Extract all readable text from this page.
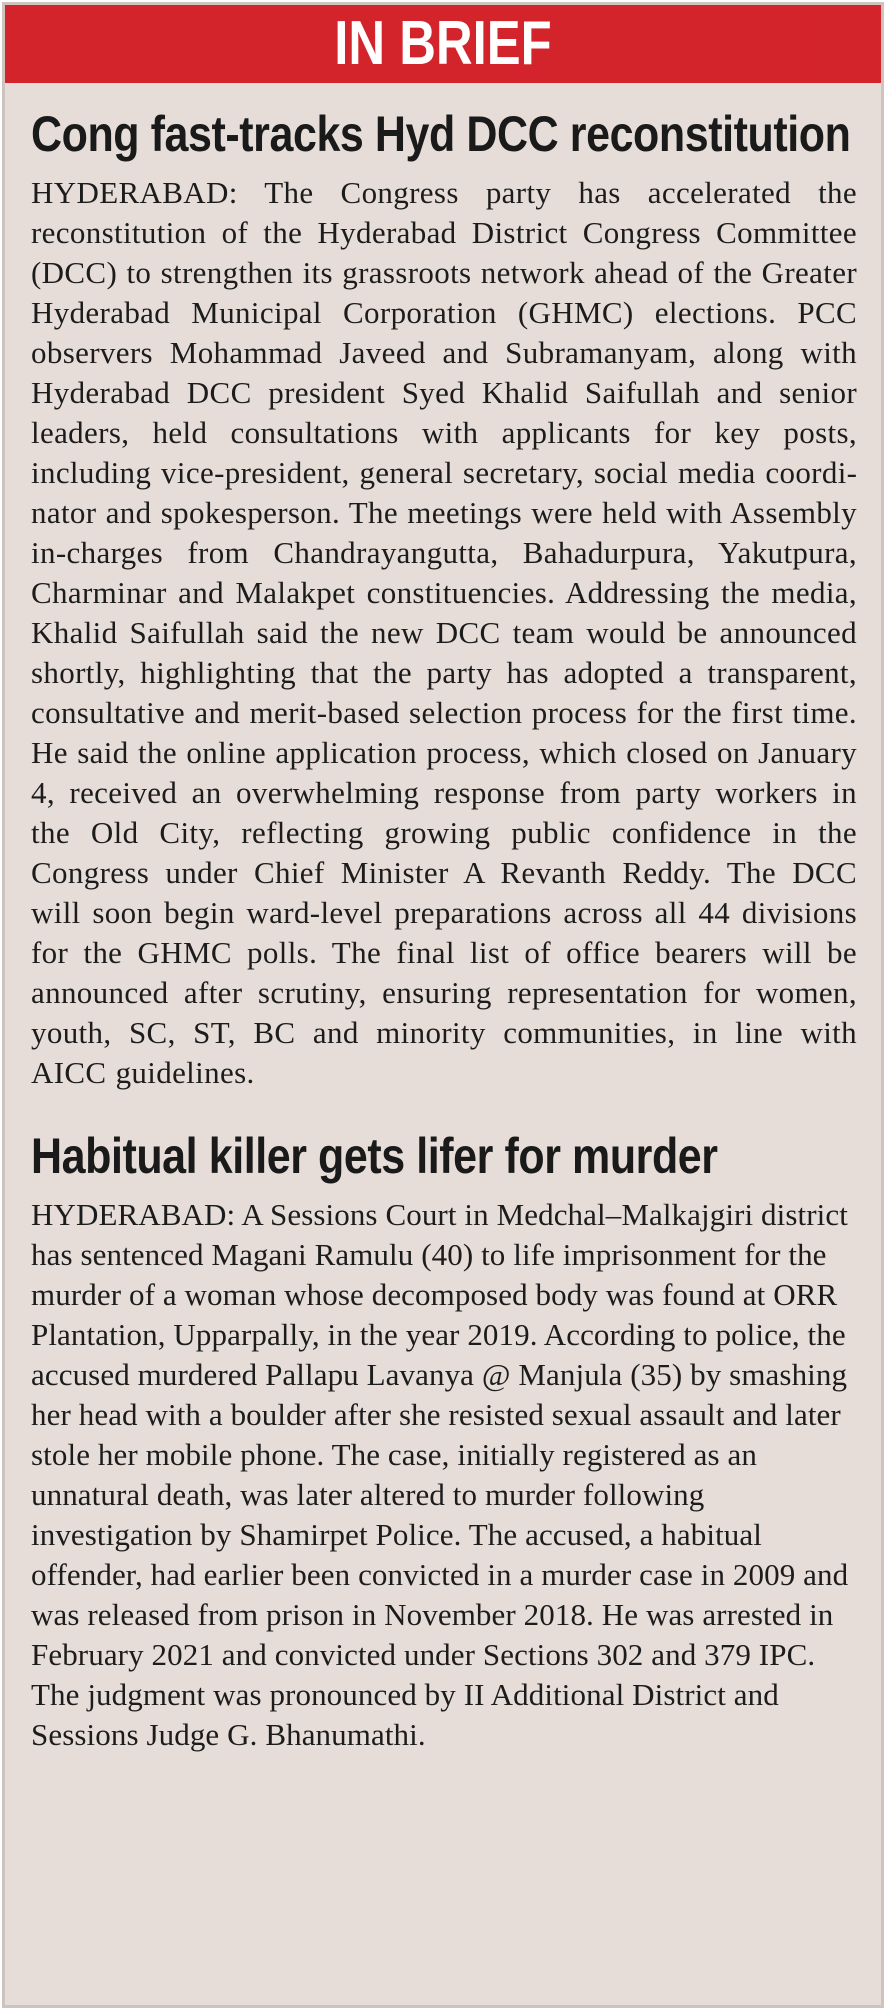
IN BRIEF
Cong fast-tracks Hyd DCC reconstitution

HYDERABAD: The Congress party has accelerated the reconstitution of the Hyderabad District Congress Committee (DCC) to strengthen its grassroots network ahead of the Greater Hyderabad Municipal Corporation (GHMC) elections. PCC observers Mohammad Javeed and Subramanyam, along with Hyderabad DCC president Syed Khalid Saifullah and senior leaders, held consultations with applicants for key posts, including vice-president, general secretary, social media coordinator and spokesperson. The meetings were held with Assembly in-charges from Chandrayangutta, Bahadurpura, Yakutpura, Charminar and Malakpet constituencies. Addressing the media, Khalid Saifullah said the new DCC team would be announced shortly, highlighting that the party has adopted a transparent, consultative and merit-based selection process for the first time. He said the online application process, which closed on January 4, received an overwhelming response from party workers in the Old City, reflecting growing public confidence in the Congress under Chief Minister A Revanth Reddy. The DCC will soon begin ward-level preparations across all 44 divisions for the GHMC polls. The final list of office bearers will be announced after scrutiny, ensuring representation for women, youth, SC, ST, BC and minority communities, in line with AICC guidelines.

Habitual killer gets lifer for murder

HYDERABAD: A Sessions Court in Medchal–Malkajgiri district has sentenced Magani Ramulu (40) to life imprisonment for the murder of a woman whose decomposed body was found at ORR Plantation, Upparpally, in the year 2019. According to police, the accused murdered Pallapu Lavanya @ Manjula (35) by smashing her head with a boulder after she resisted sexual assault and later stole her mobile phone. The case, initially registered as an unnatural death, was later altered to murder following investigation by Shamirpet Police. The accused, a habitual offender, had earlier been convicted in a murder case in 2009 and was released from prison in November 2018. He was arrested in February 2021 and convicted under Sections 302 and 379 IPC. The judgment was pronounced by II Additional District and Sessions Judge G. Bhanumathi.
